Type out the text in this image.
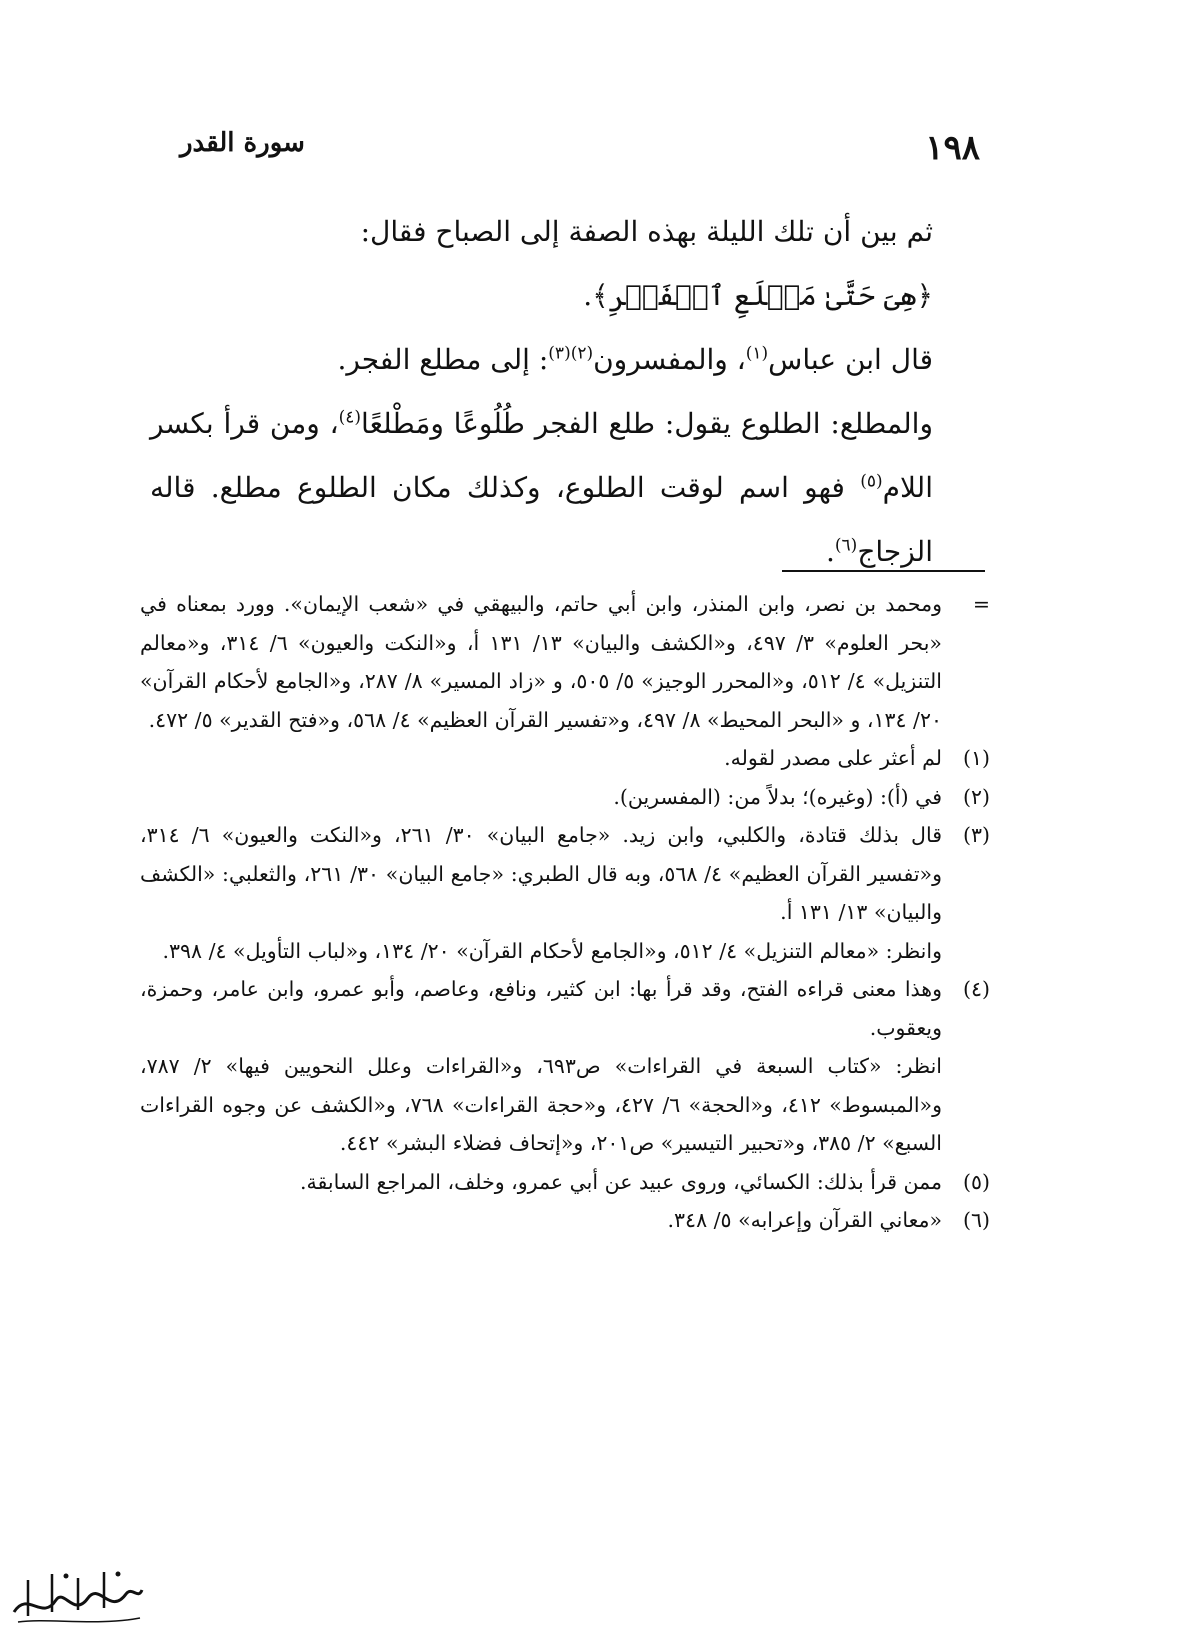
١٩٨
سورة القدر

ثم بين أن تلك الليلة بهذه الصفة إلى الصباح فقال:

﴿هِىَ حَتَّىٰ مَطۡلَعِ ٱلۡفَجۡرِ﴾.

قال ابن عباس$^{(١)}$، والمفسرون$^{(٢)(٣)}$: إلى مطلع الفجر.

والمطلع: الطلوع يقول: طلع الفجر طُلُوعًا ومَطْلعًا$^{(٤)}$، ومن قرأ بكسر اللام$^{(٥)}$ فهو اسم لوقت الطلوع، وكذلك مكان الطلوع مطلع. قاله الزجاج$^{(٦)}$.

=

ومحمد بن نصر، وابن المنذر، وابن أبي حاتم، والبيهقي في «شعب الإيمان». وورد بمعناه في «بحر العلوم» ٣/ ٤٩٧، و«الكشف والبيان» ١٣/ ١٣١ أ، و«النكت والعيون» ٦/ ٣١٤، و«معالم التنزيل» ٤/ ٥١٢، و«المحرر الوجيز» ٥/ ٥٠٥، و «زاد المسير» ٨/ ٢٨٧، و«الجامع لأحكام القرآن» ٢٠/ ١٣٤، و «البحر المحيط» ٨/ ٤٩٧، و«تفسير القرآن العظيم» ٤/ ٥٦٨، و«فتح القدير» ٥/ ٤٧٢.

(١)

لم أعثر على مصدر لقوله.

(٢)

في (أ): (وغيره)؛ بدلاً من: (المفسرين).

(٣)

قال بذلك قتادة، والكلبي، وابن زيد. «جامع البيان» ٣٠/ ٢٦١، و«النكت والعيون» ٦/ ٣١٤، و«تفسير القرآن العظيم» ٤/ ٥٦٨، وبه قال الطبري: «جامع البيان» ٣٠/ ٢٦١، والثعلبي: «الكشف والبيان» ١٣/ ١٣١ أ.

وانظر: «معالم التنزيل» ٤/ ٥١٢، و«الجامع لأحكام القرآن» ٢٠/ ١٣٤، و«لباب التأويل» ٤/ ٣٩٨.

(٤)

وهذا معنى قراءه الفتح، وقد قرأ بها: ابن كثير، ونافع، وعاصم، وأبو عمرو، وابن عامر، وحمزة، ويعقوب.

انظر: «كتاب السبعة في القراءات» ص٦٩٣، و«القراءات وعلل النحويين فيها» ٢/ ٧٨٧، و«المبسوط» ٤١٢، و«الحجة» ٦/ ٤٢٧، و«حجة القراءات» ٧٦٨، و«الكشف عن وجوه القراءات السبع» ٢/ ٣٨٥، و«تحبير التيسير» ص٢٠١، و«إتحاف فضلاء البشر» ٤٤٢.

(٥)

ممن قرأ بذلك: الكسائي، وروى عبيد عن أبي عمرو، وخلف، المراجع السابقة.

(٦)

«معاني القرآن وإعرابه» ٥/ ٣٤٨.
